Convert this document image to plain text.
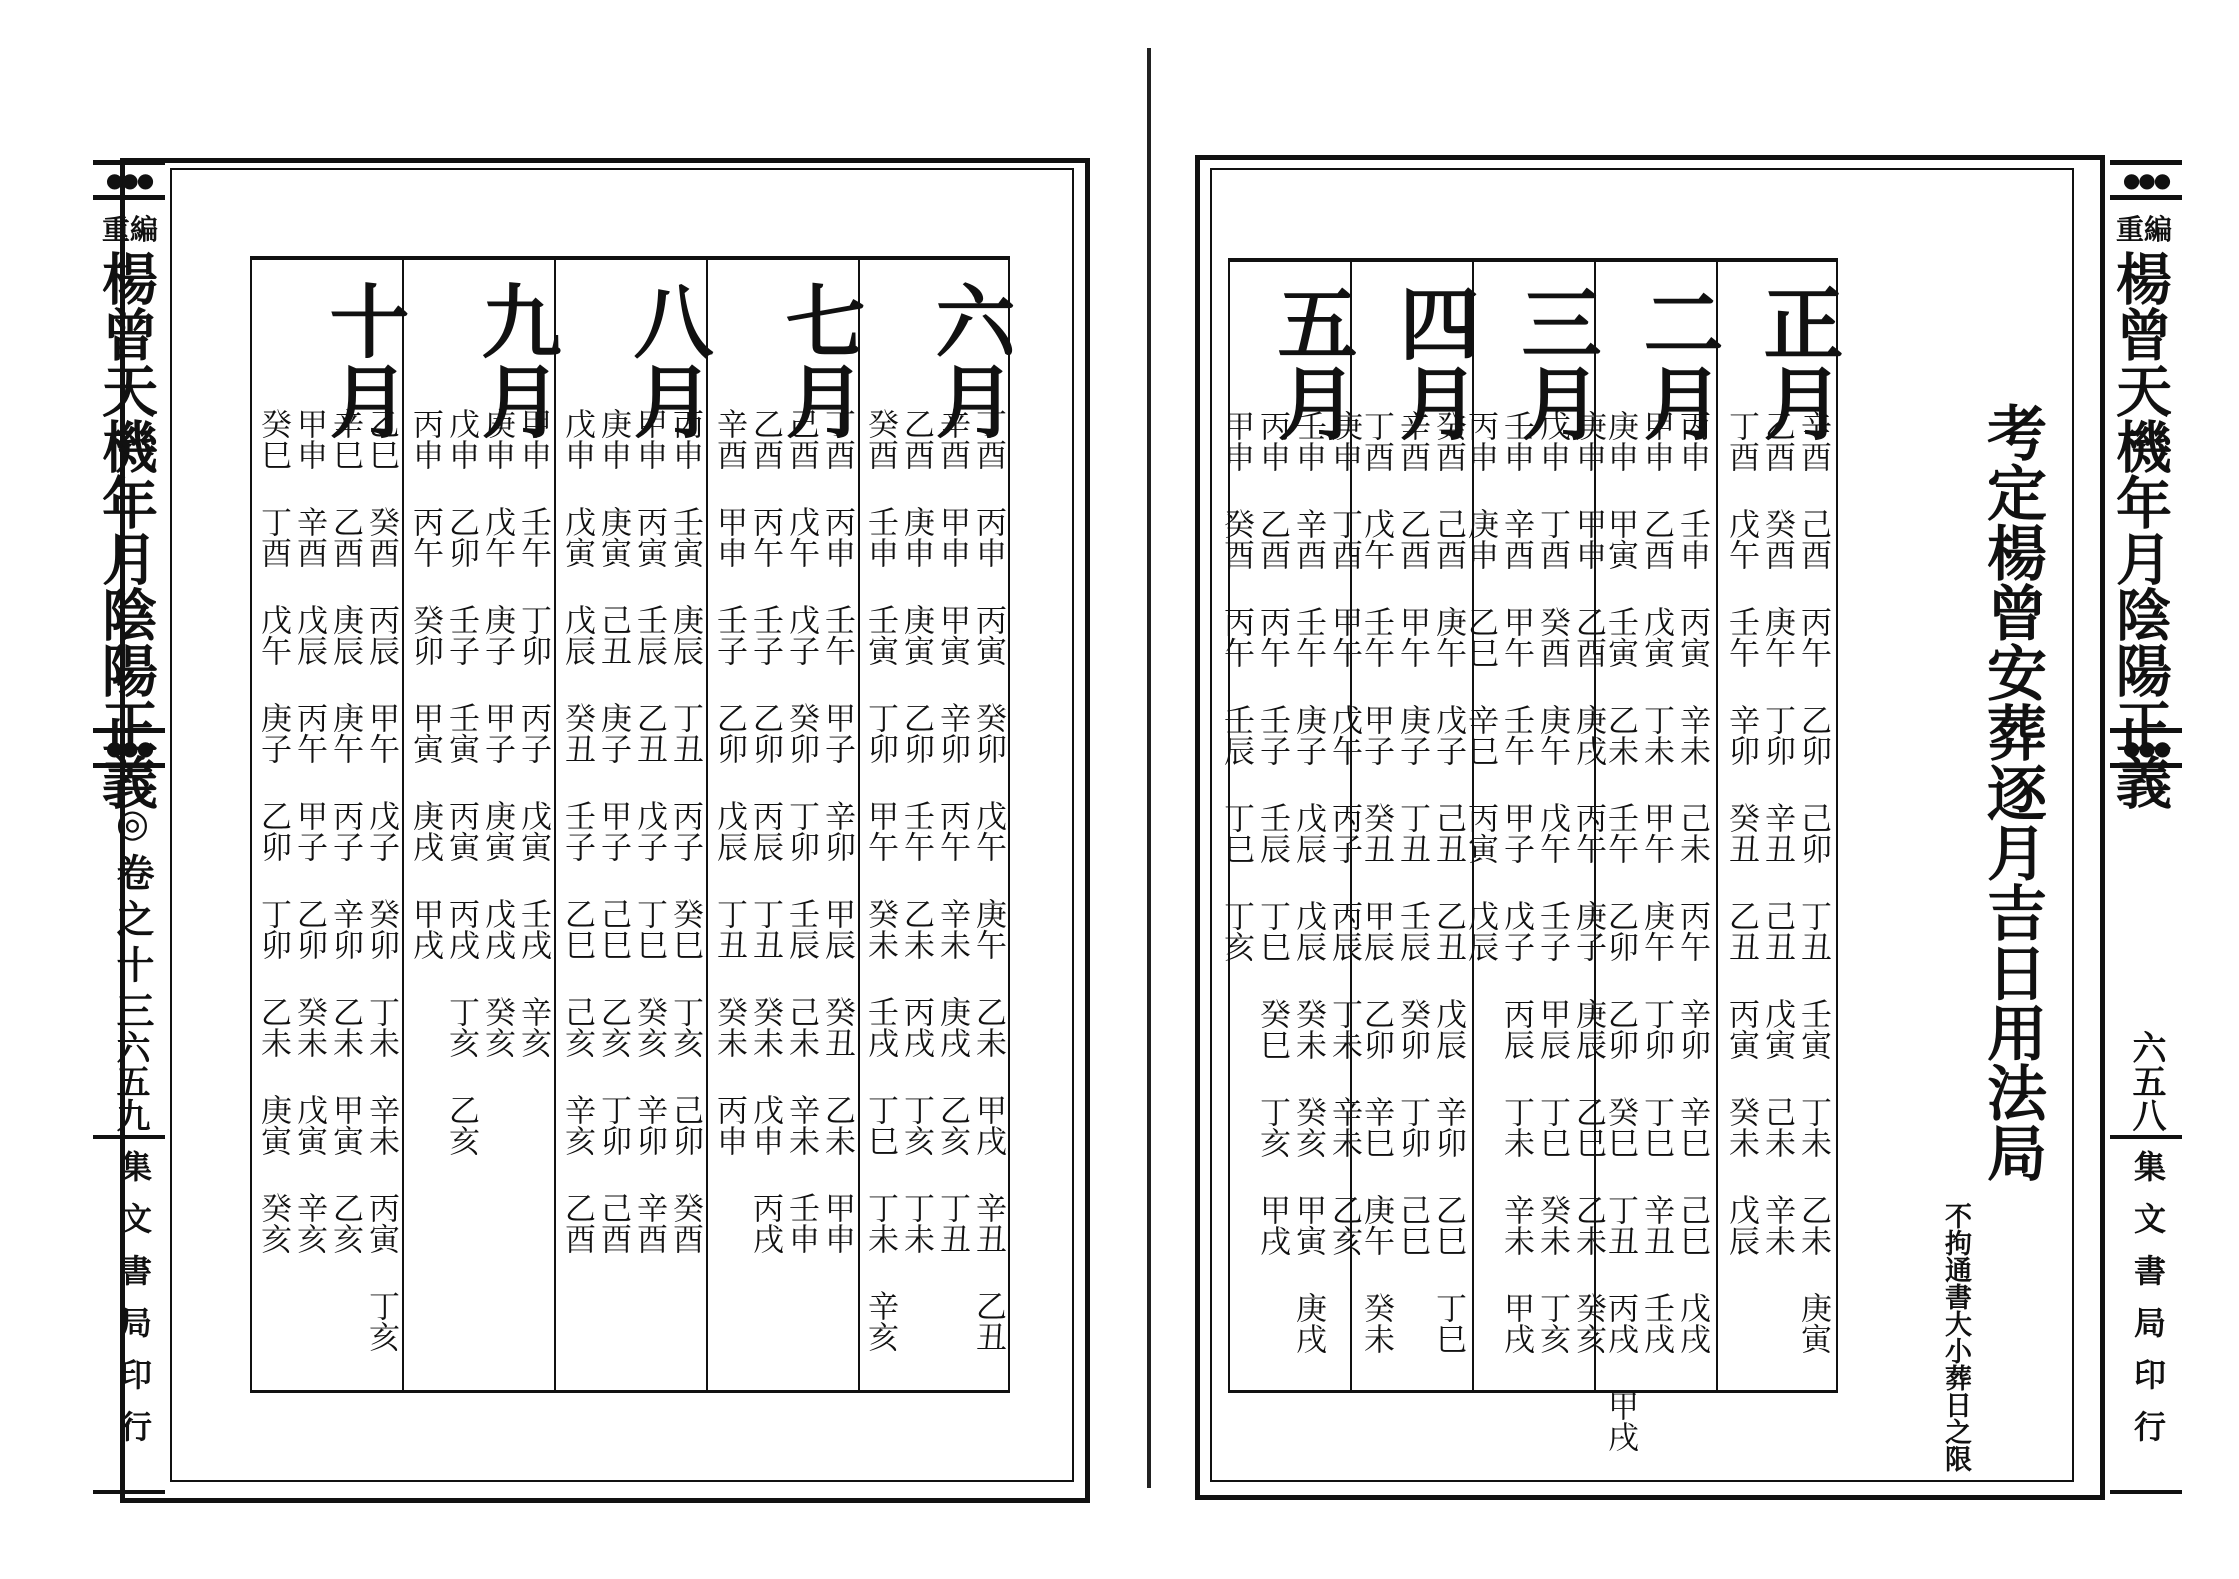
●●●
重編
楊曾天機年月陰陽正義
●●●
◎卷之十三
六五九
集文書局印行
六月
丁酉 丙申 丙寅 癸卯 戊午 庚午 乙未 甲戌 辛丑 乙丑
辛酉 甲申 甲寅 辛卯 丙午 辛未 庚戌 乙亥 丁丑
乙酉 庚申 庚寅 乙卯 壬午 乙未 丙戌 丁亥 丁未
癸酉 壬申 壬寅 丁卯 甲午 癸未 壬戌 丁巳 丁未 辛亥
七月
丁酉 丙申 壬午 甲子 辛卯 甲辰 癸丑 乙未 甲申
己酉 戊午 戊子 癸卯 丁卯 壬辰 己未 辛未 壬申
乙酉 丙午 壬子 乙卯 丙辰 丁丑 癸未 戊申 丙戌
辛酉 甲申 壬子 乙卯 戊辰 丁丑 癸未 丙申
八月
丙申 壬寅 庚辰 丁丑 丙子 癸巳 丁亥 己卯 癸酉
甲申 丙寅 壬辰 乙丑 戊子 丁巳 癸亥 辛卯 辛酉
庚申 庚寅 己丑 庚子 甲子 己巳 乙亥 丁卯 己酉
戊申 戊寅 戊辰 癸丑 壬子 乙巳 己亥 辛亥 乙酉
九月
甲申 壬午 丁卯 丙子 戊寅 壬戌 辛亥
庚申 戊午 庚子 甲子 庚寅 戊戌 癸亥
戊申 乙卯 壬子 壬寅 丙寅 丙戌 丁亥 乙亥
丙申 丙午 癸卯 甲寅 庚戌 甲戌
十月
乙巳 癸酉 丙辰 甲午 戊子 癸卯 丁未 辛未 丙寅 丁亥
辛巳 乙酉 庚辰 庚午 丙子 辛卯 乙未 甲寅 乙亥
甲申 辛酉 戊辰 丙午 甲子 乙卯 癸未 戊寅 辛亥
癸巳 丁酉 戊午 庚子 乙卯 丁卯 乙未 庚寅 癸亥
正月
辛酉 己酉 丙午 乙卯 己卯 丁丑 壬寅 丁未 乙未 庚寅
乙酉 癸酉 庚午 丁卯 辛丑 己丑 戊寅 己未 辛未
丁酉 戊午 壬午 辛卯 癸丑 乙丑 丙寅 癸未 戊辰
二月
丙申 壬申 丙寅 辛未 己未 丙午 辛卯 辛巳 己巳 戊戌
甲申 乙酉 戊寅 丁未 甲午 庚午 丁卯 丁巳 辛丑 壬戌
庚申 甲寅 壬寅 乙未 壬午 乙卯 乙卯 癸巳 丁丑 丙戌 甲戌
三月
庚申 甲申 乙酉 庚戌 丙午 庚子 庚辰 乙巳 乙未 癸亥
戊申 丁酉 癸酉 庚午 戊午 壬子 甲辰 丁巳 癸未 丁亥
壬申 辛酉 甲午 壬午 甲子 戊子 丙辰 丁未 辛未 甲戌
丙申 庚申 乙巳 辛巳 丙寅 戊辰
四月
癸酉 己酉 庚午 戊子 己丑 乙丑 戊辰 辛卯 乙巳 丁巳
辛酉 乙酉 甲午 庚子 丁丑 壬辰 癸卯 丁卯 己巳
丁酉 戊午 壬午 甲子 癸丑 甲辰 乙卯 辛巳 庚午 癸未
五月
庚申 丁酉 甲午 戊午 丙子 丙辰 丁未 辛未 乙亥
壬申 辛酉 壬午 庚子 戊辰 戊辰 癸未 癸亥 甲寅 庚戌
丙申 乙酉 丙午 壬子 壬辰 丁巳 癸巳 丁亥 甲戌
甲申 癸酉 丙午 壬辰 丁巳 丁亥	考定楊曾安葬逐月吉日用法局
不拘通書大小葬日之限
●●●
重編
楊曾天機年月陰陽正義
●●●
六五八
集文書局印行
